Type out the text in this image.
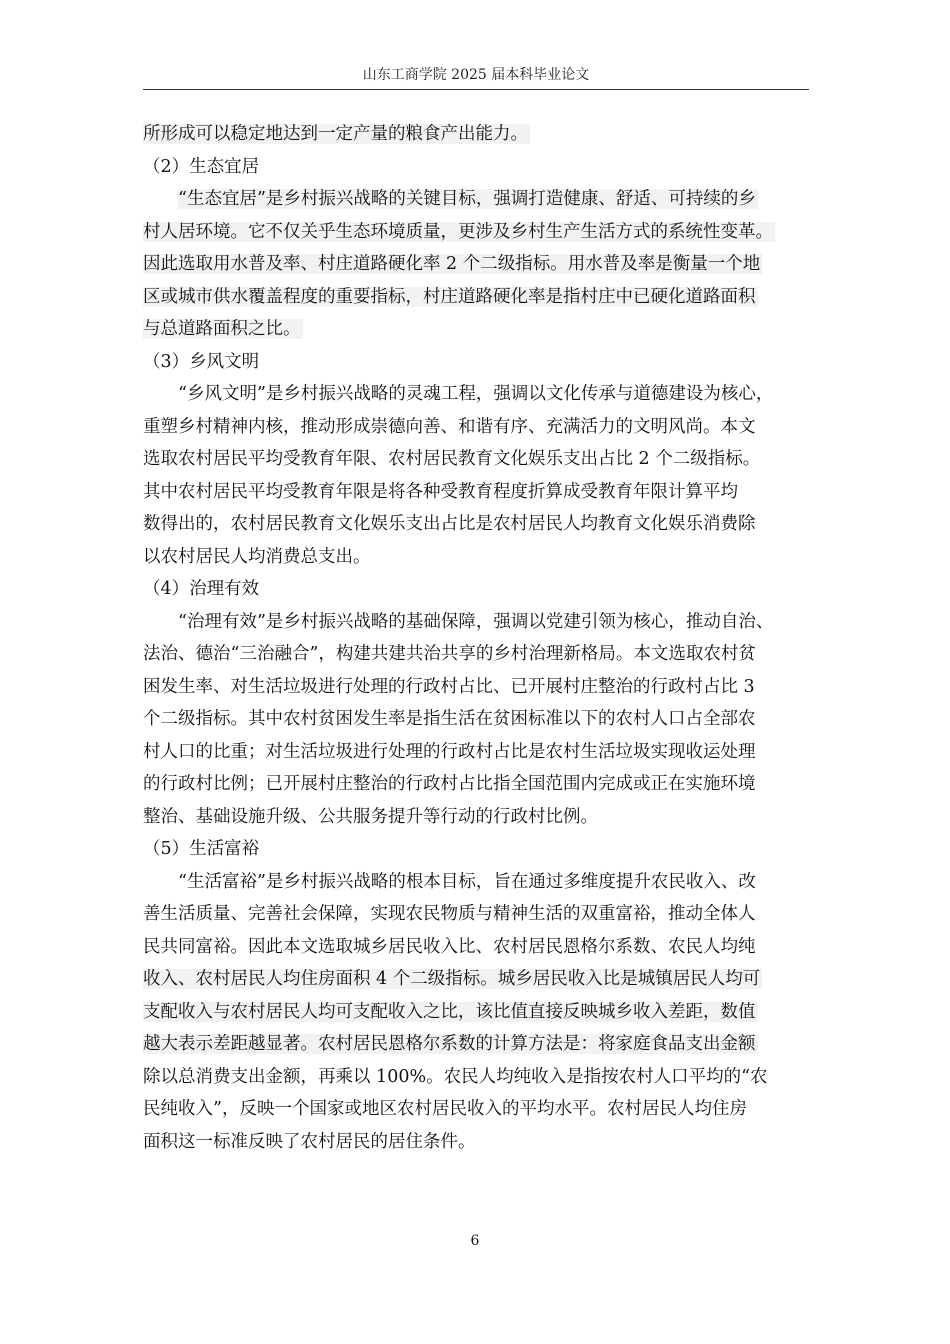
山东工商学院 2025 届本科毕业论文
所形成可以稳定地达到一定产量的粮食产出能力。
（2）生态宜居
“生态宜居”是乡村振兴战略的关键目标，强调打造健康、舒适、可持续的乡
村人居环境。它不仅关乎生态环境质量，更涉及乡村生产生活方式的系统性变革。
因此选取用水普及率、村庄道路硬化率 2 个二级指标。用水普及率是衡量一个地
区或城市供水覆盖程度的重要指标，村庄道路硬化率是指村庄中已硬化道路面积
与总道路面积之比。
（3）乡风文明
“乡风文明”是乡村振兴战略的灵魂工程，强调以文化传承与道德建设为核心，
重塑乡村精神内核，推动形成崇德向善、和谐有序、充满活力的文明风尚。本文
选取农村居民平均受教育年限、农村居民教育文化娱乐支出占比 2 个二级指标。
其中农村居民平均受教育年限是将各种受教育程度折算成受教育年限计算平均
数得出的，农村居民教育文化娱乐支出占比是农村居民人均教育文化娱乐消费除
以农村居民人均消费总支出。
（4）治理有效
“治理有效”是乡村振兴战略的基础保障，强调以党建引领为核心，推动自治、
法治、德治“三治融合”，构建共建共治共享的乡村治理新格局。本文选取农村贫
困发生率、对生活垃圾进行处理的行政村占比、已开展村庄整治的行政村占比 3
个二级指标。其中农村贫困发生率是指生活在贫困标准以下的农村人口占全部农
村人口的比重；对生活垃圾进行处理的行政村占比是农村生活垃圾实现收运处理
的行政村比例；已开展村庄整治的行政村占比指全国范围内完成或正在实施环境
整治、基础设施升级、公共服务提升等行动的行政村比例。
（5）生活富裕
“生活富裕”是乡村振兴战略的根本目标，旨在通过多维度提升农民收入、改
善生活质量、完善社会保障，实现农民物质与精神生活的双重富裕，推动全体人
民共同富裕。因此本文选取城乡居民收入比、农村居民恩格尔系数、农民人均纯
收入、农村居民人均住房面积 4 个二级指标。城乡居民收入比是城镇居民人均可
支配收入与农村居民人均可支配收入之比，该比值直接反映城乡收入差距，数值
越大表示差距越显著。农村居民恩格尔系数的计算方法是：将家庭食品支出金额
除以总消费支出金额，再乘以 100%。农民人均纯收入是指按农村人口平均的“农
民纯收入”，反映一个国家或地区农村居民收入的平均水平。农村居民人均住房
面积这一标准反映了农村居民的居住条件。
6
